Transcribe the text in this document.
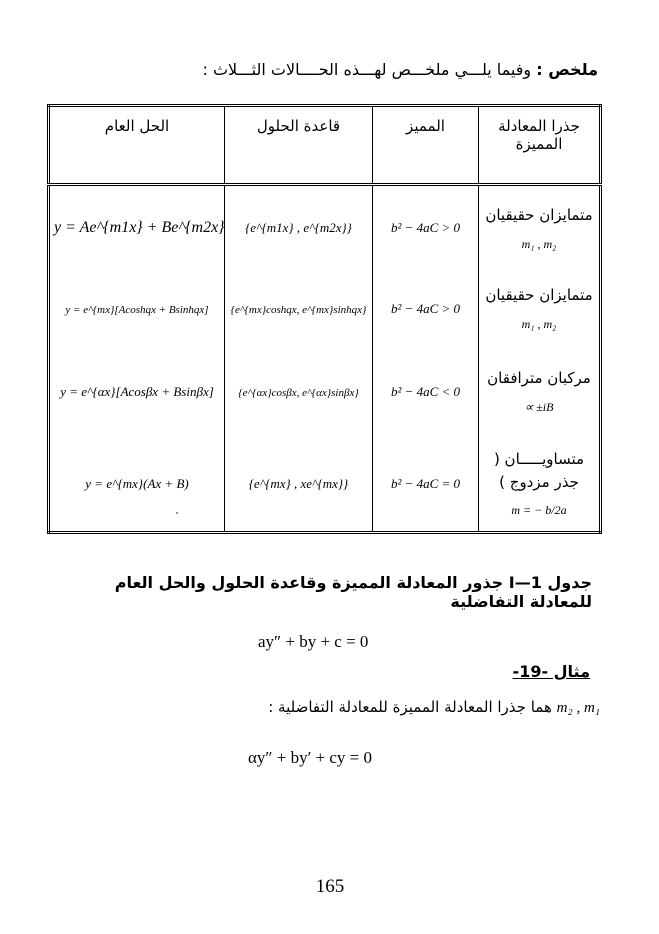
ملخص : وفيما يلـــي ملخـــص لهـــذه الحــــالات الثـــلاث :
الحل العام	قاعدة الحلول	المميز	جذرا المعادلة المميزة
y = Ae^{m1x} + Be^{m2x}	{e^{m1x} , e^{m2x}}	b² − 4aC > 0	متمايزان حقيقيان
m₁ , m₂

y = e^{mx}[Acoshqx + Bsinhqx]	{e^{mx}coshqx, e^{mx}sinhqx}	b² − 4aC > 0	متمايزان حقيقيان
m₁ , m₂

y = e^{αx}[Acosβx + Bsinβx]	{e^{αx}cosβx, e^{αx}sinβx}	b² − 4aC < 0	مركبان مترافقان
∝ ±iB

y = e^{mx}(Ax + B)	{e^{mx} , xe^{mx}}	b² − 4aC = 0	متساويـــــان ( جذر مزدوج )
m = − b/2a
جدول I—1 جذور المعادلة المميزة وقاعدة الحلول والحل العام للمعادلة التفاضلية
ay″ + by + c = 0
مثال -19-
m₂ , m₁ هما جذرا المعادلة المميزة للمعادلة التفاضلية :
αy″ + by′ + cy = 0
165
